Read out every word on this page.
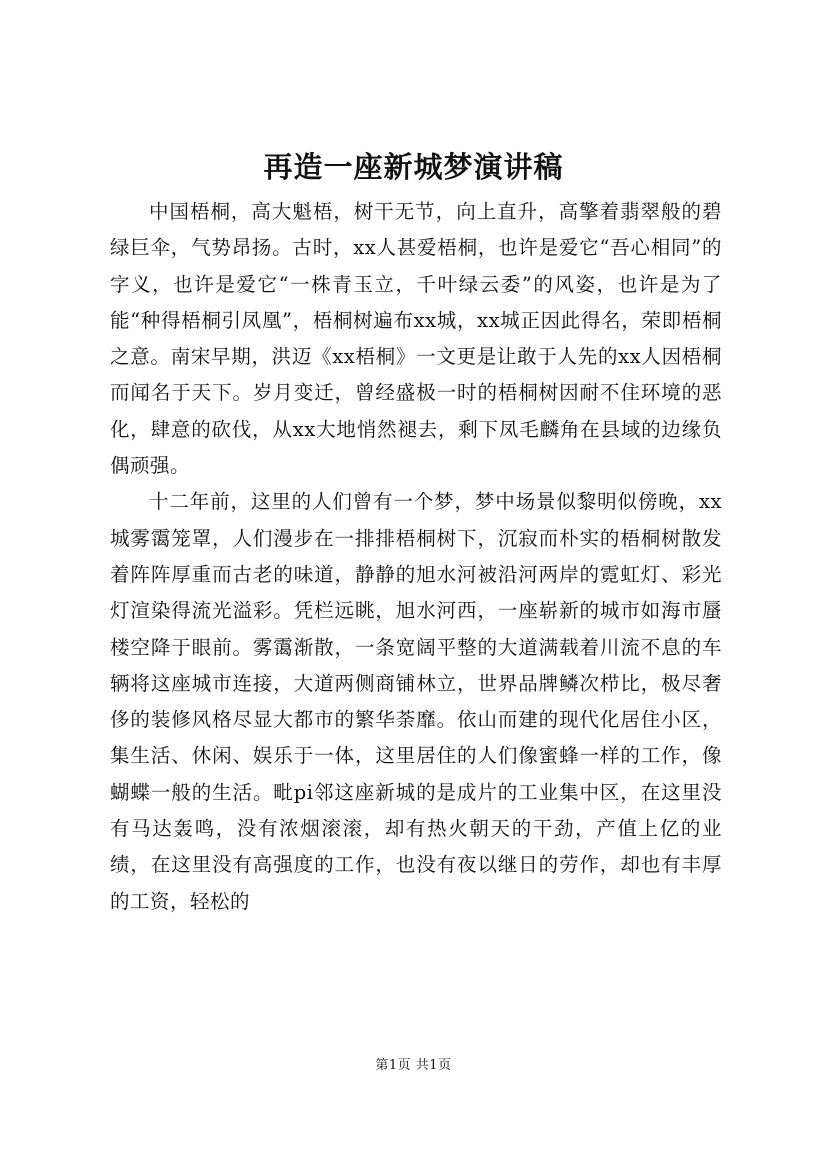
再造一座新城梦演讲稿

中国梧桐，高大魁梧，树干无节，向上直升，高擎着翡翠般的碧绿巨伞，气势昂扬。古时，xx人甚爱梧桐，也许是爱它“吾心相同”的字义，也许是爱它“一株青玉立，千叶绿云委”的风姿，也许是为了能“种得梧桐引凤凰”，梧桐树遍布xx城，xx城正因此得名，荣即梧桐之意。南宋早期，洪迈《xx梧桐》一文更是让敢于人先的xx人因梧桐而闻名于天下。岁月变迁，曾经盛极一时的梧桐树因耐不住环境的恶化，肆意的砍伐，从xx大地悄然褪去，剩下凤毛麟角在县域的边缘负偶顽强。

十二年前，这里的人们曾有一个梦，梦中场景似黎明似傍晚，xx城雾霭笼罩，人们漫步在一排排梧桐树下，沉寂而朴实的梧桐树散发着阵阵厚重而古老的味道，静静的旭水河被沿河两岸的霓虹灯、彩光灯渲染得流光溢彩。凭栏远眺，旭水河西，一座崭新的城市如海市蜃楼空降于眼前。雾霭渐散，一条宽阔平整的大道满载着川流不息的车辆将这座城市连接，大道两侧商铺林立，世界品牌鳞次栉比，极尽奢侈的装修风格尽显大都市的繁华荼靡。依山而建的现代化居住小区，集生活、休闲、娱乐于一体，这里居住的人们像蜜蜂一样的工作，像蝴蝶一般的生活。毗pi邻这座新城的是成片的工业集中区，在这里没有马达轰鸣，没有浓烟滚滚，却有热火朝天的干劲，产值上亿的业绩，在这里没有高强度的工作，也没有夜以继日的劳作，却也有丰厚的工资，轻松的

第1页 共1页
